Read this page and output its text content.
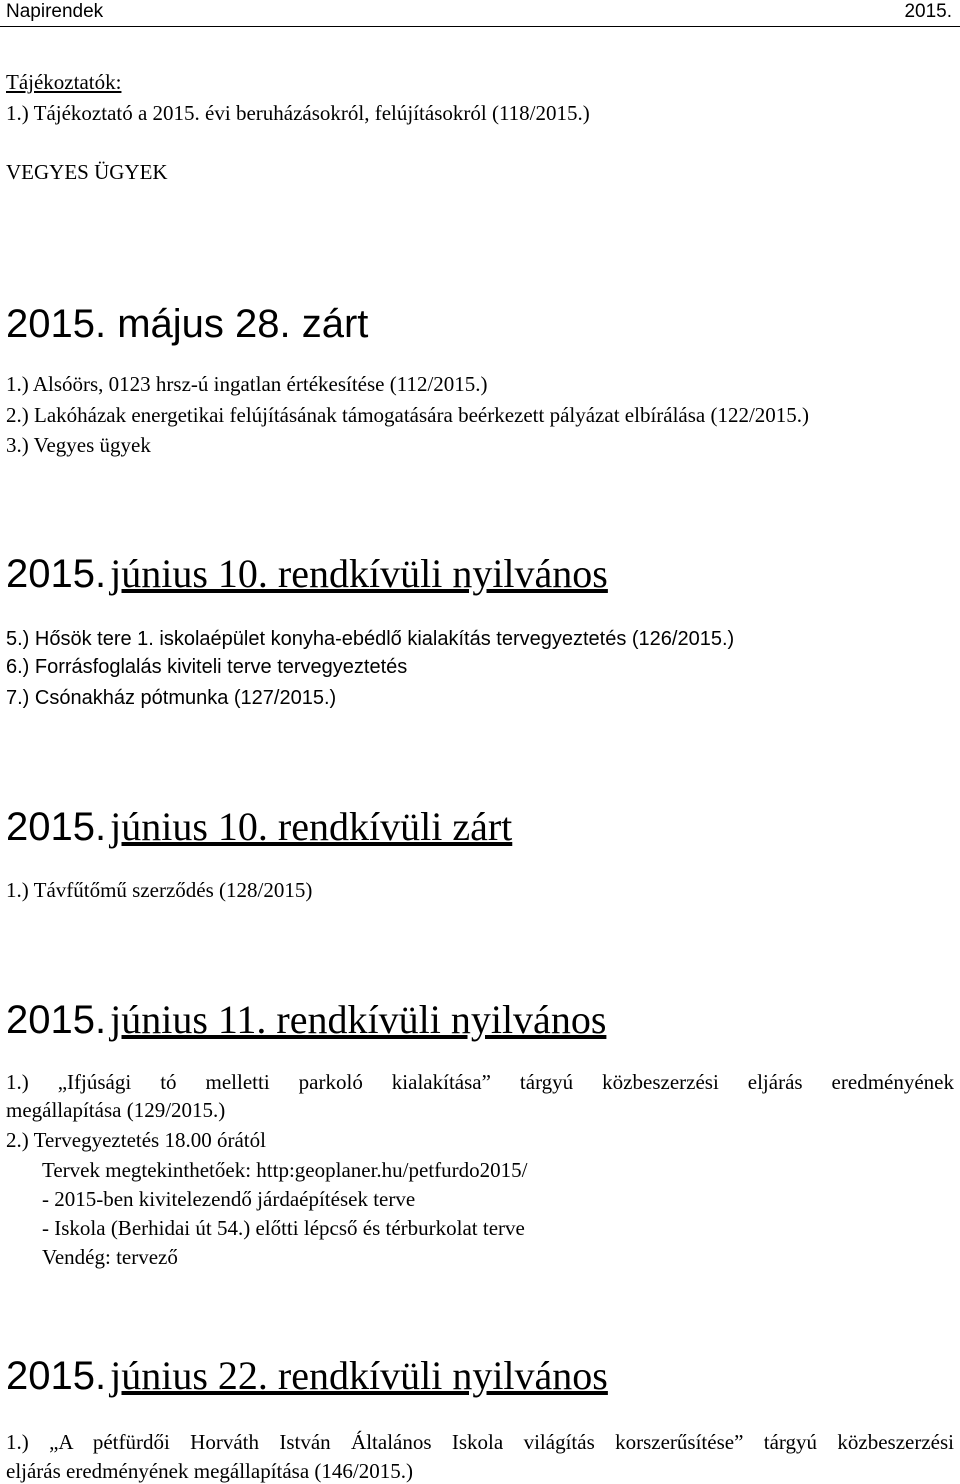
Napirendek	2015.
Tájékoztatók:
1.) Tájékoztató a 2015. évi beruházásokról, felújításokról (118/2015.)
VEGYES ÜGYEK
2015. május 28. zárt
1.) Alsóörs, 0123 hrsz-ú ingatlan értékesítése (112/2015.)
2.) Lakóházak energetikai felújításának támogatására beérkezett pályázat elbírálása (122/2015.)
3.) Vegyes ügyek
2015. június 10. rendkívüli nyilvános
5.) Hősök tere 1. iskolaépület konyha-ebédlő kialakítás tervegyeztetés (126/2015.)
6.) Forrásfoglalás kiviteli terve tervegyeztetés
7.) Csónakház pótmunka (127/2015.)
2015. június 10. rendkívüli zárt
1.) Távfűtőmű szerződés (128/2015)
2015. június 11. rendkívüli nyilvános
1.) „Ifjúsági tó melletti parkoló kialakítása” tárgyú közbeszerzési eljárás eredményének
megállapítása (129/2015.)
2.) Tervegyeztetés 18.00 órától
Tervek megtekinthetőek: http:geoplaner.hu/petfurdo2015/
- 2015-ben kivitelezendő járdaépítések terve
- Iskola (Berhidai út 54.) előtti lépcső és térburkolat terve
Vendég: tervező
2015. június 22. rendkívüli nyilvános
1.) „A pétfürdői Horváth István Általános Iskola világítás korszerűsítése” tárgyú közbeszerzési
eljárás eredményének megállapítása (146/2015.)
